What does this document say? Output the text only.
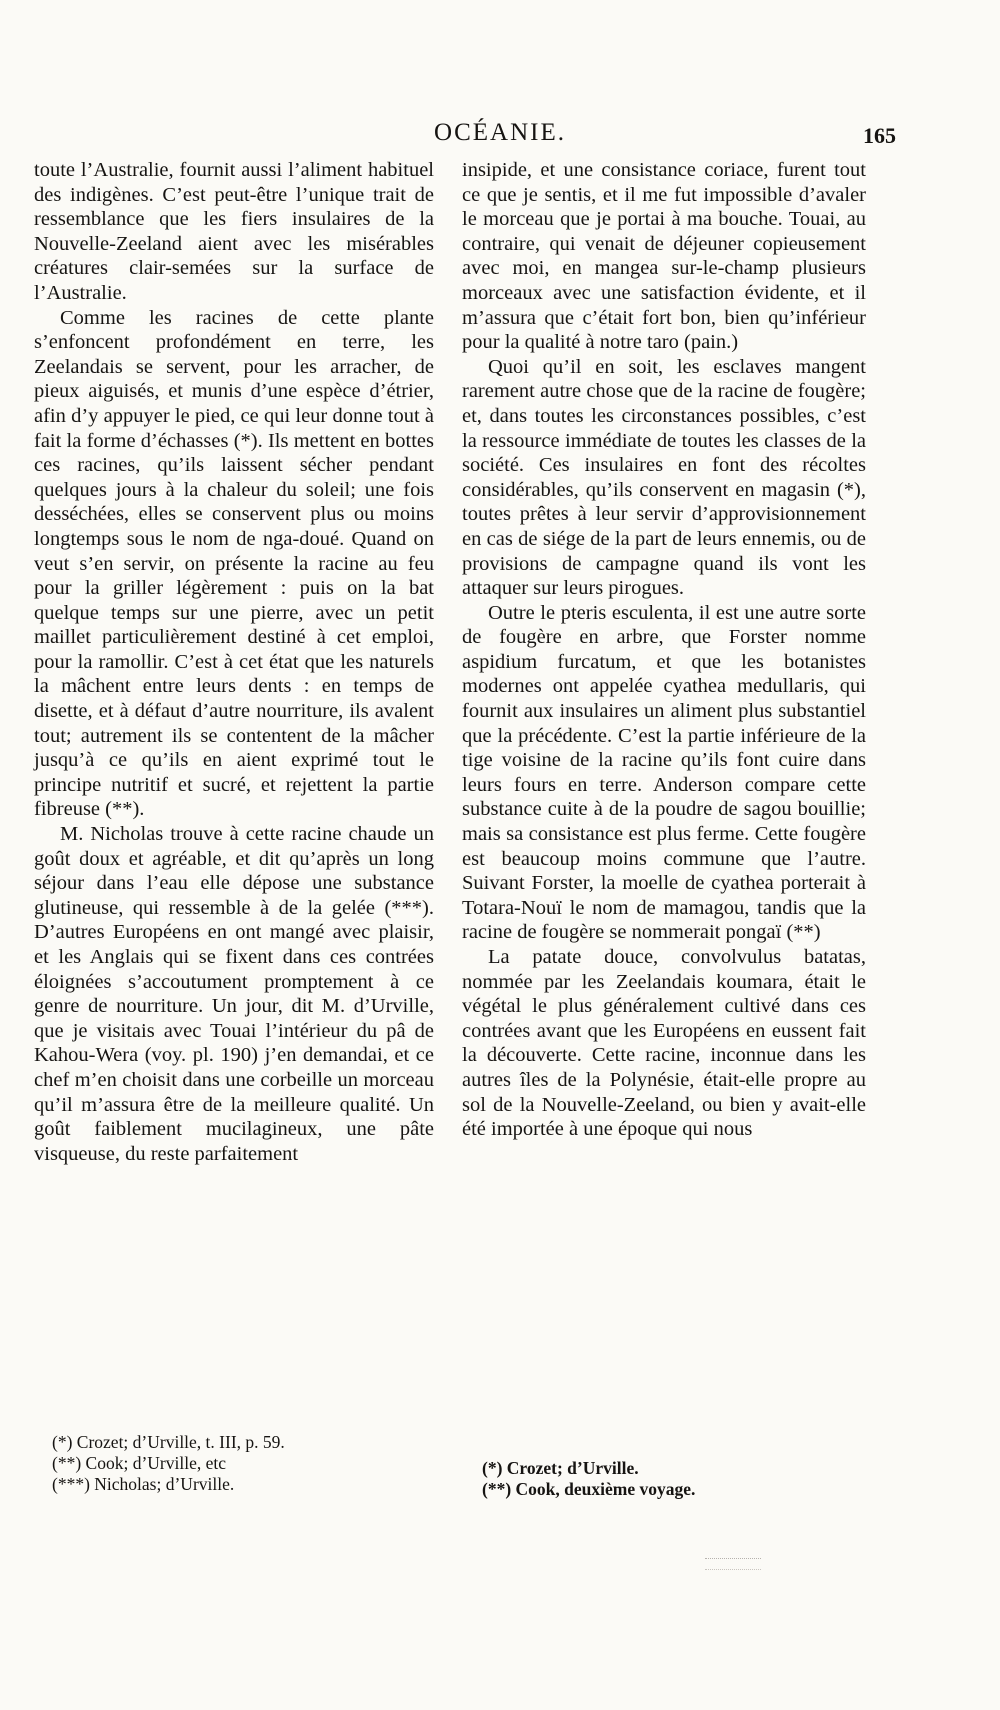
OCÉANIE.	165

toute l’Australie, fournit aussi l’aliment habituel des indigènes. C’est peut-être l’unique trait de ressemblance que les fiers insulaires de la Nouvelle-Zeeland aient avec les misérables créatures clair-semées sur la surface de l’Australie.

Comme les racines de cette plante s’enfoncent profondément en terre, les Zeelandais se servent, pour les arracher, de pieux aiguisés, et munis d’une espèce d’étrier, afin d’y appuyer le pied, ce qui leur donne tout à fait la forme d’échasses (*). Ils mettent en bottes ces racines, qu’ils laissent sécher pendant quelques jours à la chaleur du soleil; une fois desséchées, elles se conservent plus ou moins longtemps sous le nom de nga-doué. Quand on veut s’en servir, on présente la racine au feu pour la griller légèrement : puis on la bat quelque temps sur une pierre, avec un petit maillet particulièrement destiné à cet emploi, pour la ramollir. C’est à cet état que les naturels la mâchent entre leurs dents : en temps de disette, et à défaut d’autre nourriture, ils avalent tout; autrement ils se contentent de la mâcher jusqu’à ce qu’ils en aient exprimé tout le principe nutritif et sucré, et rejettent la partie fibreuse (**).

M. Nicholas trouve à cette racine chaude un goût doux et agréable, et dit qu’après un long séjour dans l’eau elle dépose une substance glutineuse, qui ressemble à de la gelée (***). D’autres Européens en ont mangé avec plaisir, et les Anglais qui se fixent dans ces contrées éloignées s’accoutument promptement à ce genre de nourriture. Un jour, dit M. d’Urville, que je visitais avec Touai l’intérieur du pâ de Kahou-Wera (voy. pl. 190) j’en demandai, et ce chef m’en choisit dans une corbeille un morceau qu’il m’assura être de la meilleure qualité. Un goût faiblement mucilagineux, une pâte visqueuse, du reste parfaitement

insipide, et une consistance coriace, furent tout ce que je sentis, et il me fut impossible d’avaler le morceau que je portai à ma bouche. Touai, au contraire, qui venait de déjeuner copieusement avec moi, en mangea sur-le-champ plusieurs morceaux avec une satisfaction évidente, et il m’assura que c’était fort bon, bien qu’inférieur pour la qualité à notre taro (pain.)

Quoi qu’il en soit, les esclaves mangent rarement autre chose que de la racine de fougère; et, dans toutes les circonstances possibles, c’est la ressource immédiate de toutes les classes de la société. Ces insulaires en font des récoltes considérables, qu’ils conservent en magasin (*), toutes prêtes à leur servir d’approvisionnement en cas de siége de la part de leurs ennemis, ou de provisions de campagne quand ils vont les attaquer sur leurs pirogues.

Outre le pteris esculenta, il est une autre sorte de fougère en arbre, que Forster nomme aspidium furcatum, et que les botanistes modernes ont appelée cyathea medullaris, qui fournit aux insulaires un aliment plus substantiel que la précédente. C’est la partie inférieure de la tige voisine de la racine qu’ils font cuire dans leurs fours en terre. Anderson compare cette substance cuite à de la poudre de sagou bouillie; mais sa consistance est plus ferme. Cette fougère est beaucoup moins commune que l’autre. Suivant Forster, la moelle de cyathea porterait à Totara-Nouï le nom de mamagou, tandis que la racine de fougère se nommerait pongaï (**)

La patate douce, convolvulus batatas, nommée par les Zeelandais koumara, était le végétal le plus généralement cultivé dans ces contrées avant que les Européens en eussent fait la découverte. Cette racine, inconnue dans les autres îles de la Polynésie, était-elle propre au sol de la Nouvelle-Zeeland, ou bien y avait-elle été importée à une époque qui nous

(*) Crozet; d’Urville, t. III, p. 59.

(**) Cook; d’Urville, etc

(***) Nicholas; d’Urville.

(*) Crozet; d’Urville.

(**) Cook, deuxième voyage.
